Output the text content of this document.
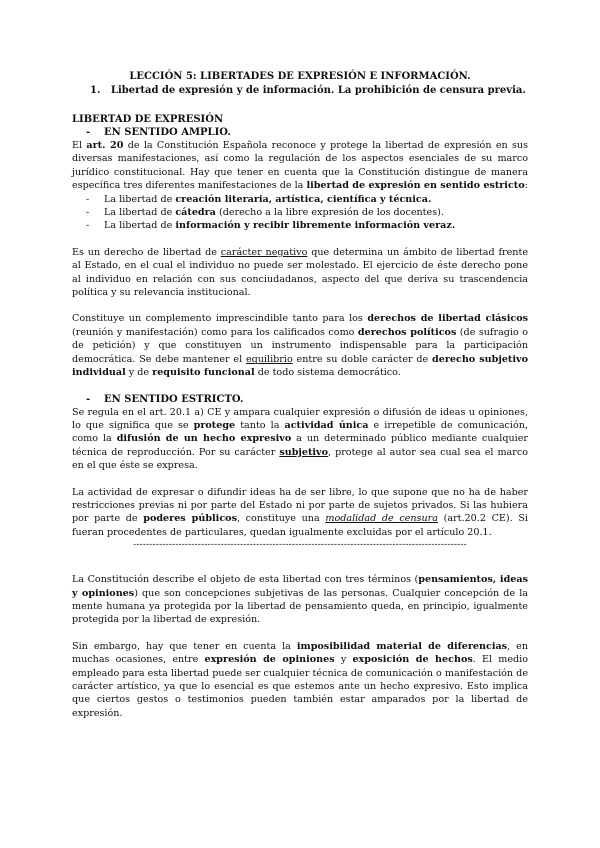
LECCIÓN 5: LIBERTADES DE EXPRESIÓN E INFORMACIÓN.
1. Libertad de expresión y de información. La prohibición de censura previa.
LIBERTAD DE EXPRESIÓN
-	EN SENTIDO AMPLIO.

El art. 20 de la Constitución Española reconoce y protege la libertad de expresión en sus diversas manifestaciones, así como la regulación de los aspectos esenciales de su marco jurídico constitucional. Hay que tener en cuenta que la Constitución distingue de manera específica tres diferentes manifestaciones de la libertad de expresión en sentido estricto:

-	La libertad de creación literaria, artística, científica y técnica.
-	La libertad de cátedra (derecho a la libre expresión de los docentes).
-	La libertad de información y recibir libremente información veraz.

Es un derecho de libertad de carácter negativo que determina un ámbito de libertad frente al Estado, en el cual el individuo no puede ser molestado. El ejercicio de éste derecho pone al individuo en relación con sus conciudadanos, aspecto del que deriva su trascendencia política y su relevancia institucional.

Constituye un complemento imprescindible tanto para los derechos de libertad clásicos (reunión y manifestación) como para los calificados como derechos políticos (de sufragio o de petición) y que constituyen un instrumento indispensable para la participación democrática. Se debe mantener el equilibrio entre su doble carácter de derecho subjetivo individual y de requisito funcional de todo sistema democrático.

-	EN SENTIDO ESTRICTO.

Se regula en el art. 20.1 a) CE y ampara cualquier expresión o difusión de ideas u opiniones, lo que significa que se protege tanto la actividad única e irrepetible de comunicación, como la difusión de un hecho expresivo a un determinado público mediante cualquier técnica de reproducción. Por su carácter subjetivo, protege al autor sea cual sea el marco en el que éste se expresa.

La actividad de expresar o difundir ideas ha de ser libre, lo que supone que no ha de haber restricciones previas ni por parte del Estado ni por parte de sujetos privados. Si las hubiera por parte de poderes públicos, constituye una modalidad de censura (art.20.2 CE). Si fueran procedentes de particulares, quedan igualmente excluidas por el artículo 20.1.

-------------------------------------------------------------------------------------------------------

La Constitución describe el objeto de esta libertad con tres términos (pensamientos, ideas y opiniones) que son concepciones subjetivas de las personas. Cualquier concepción de la mente humana ya protegida por la libertad de pensamiento queda, en principio, igualmente protegida por la libertad de expresión.

Sin embargo, hay que tener en cuenta la imposibilidad material de diferencias, en muchas ocasiones, entre expresión de opiniones y exposición de hechos. El medio empleado para esta libertad puede ser cualquier técnica de comunicación o manifestación de carácter artístico, ya que lo esencial es que estemos ante un hecho expresivo. Esto implica que ciertos gestos o testimonios pueden también estar amparados por la libertad de expresión.
